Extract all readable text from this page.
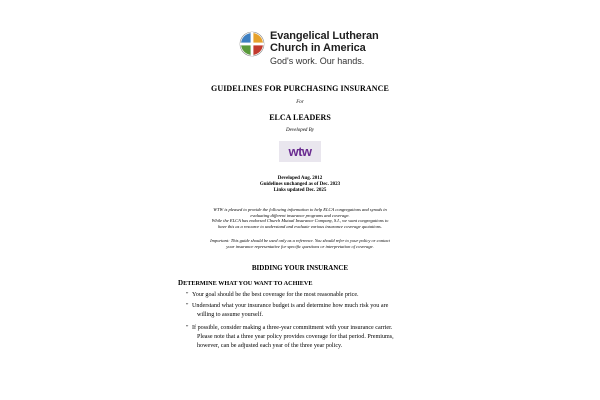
Evangelical Lutheran
Church in America
God's work. Our hands.
GUIDELINES FOR PURCHASING INSURANCE
For
ELCA LEADERS
Developed By
wtw
Developed Aug. 2012
Guidelines unchanged as of Dec. 2023
Links updated Dec. 2025
WTW is pleased to provide the following information to help ELCA congregations and synods in
evaluating different insurance programs and coverage.
While the ELCA has endorsed Church Mutual Insurance Company, S.I., we want congregations to
have this as a resource to understand and evaluate various insurance coverage quotations.
Important: This guide should be used only as a reference. You should refer to your policy or contact
your insurance representative for specific questions or interpretation of coverage.
BIDDING YOUR INSURANCE
DETERMINE WHAT YOU WANT TO ACHIEVE
" Your goal should be the best coverage for the most reasonable price.
" Understand what your insurance budget is and determine how much risk you are
willing to assume yourself.
" If possible, consider making a three-year commitment with your insurance carrier.
Please note that a three year policy provides coverage for that period. Premiums,
however, can be adjusted each year of the three year policy.
